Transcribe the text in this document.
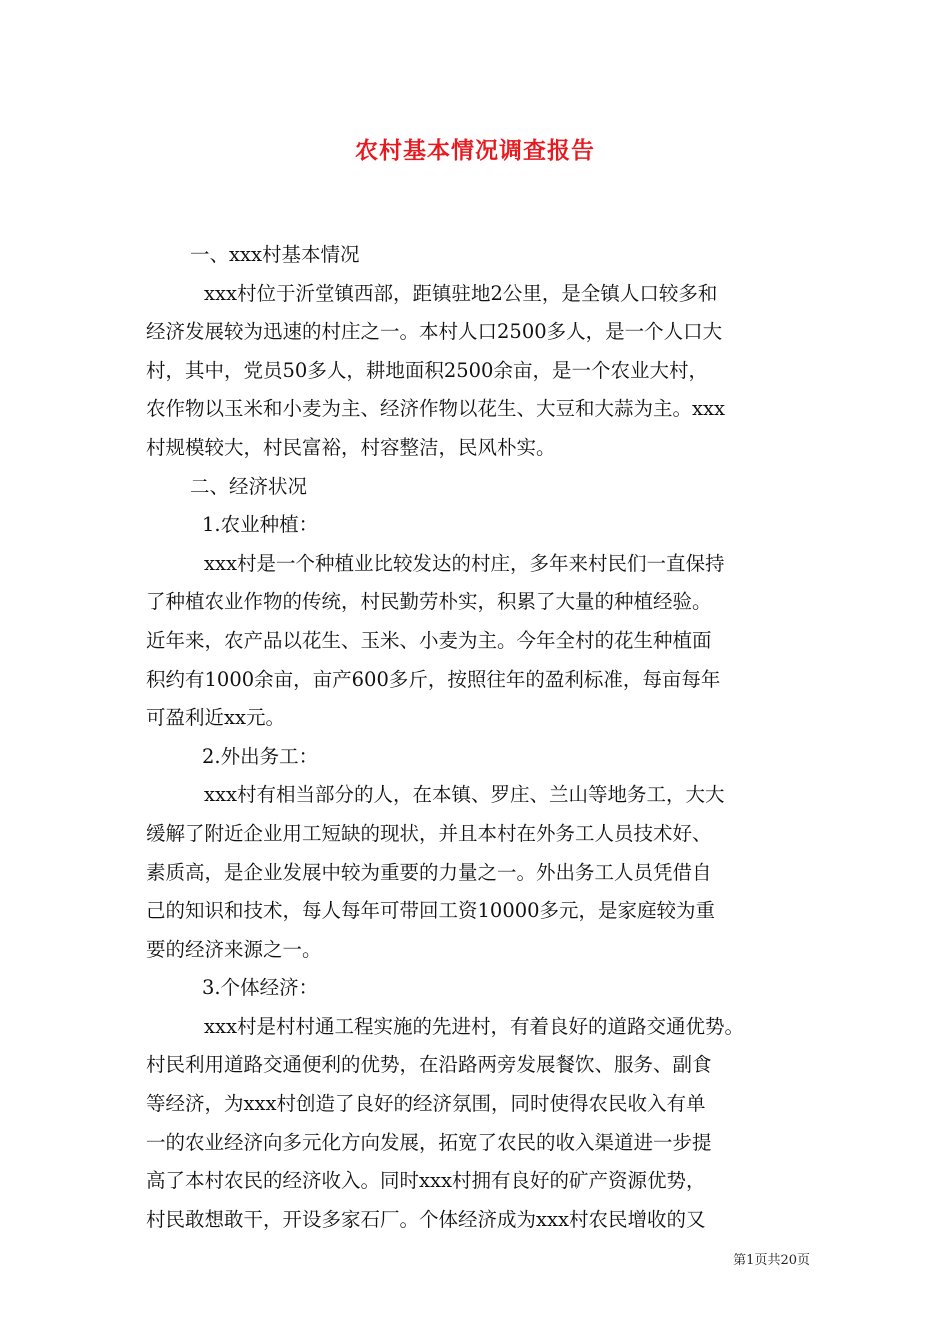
农村基本情况调查报告
一、xxx村基本情况
xxx村位于沂堂镇西部，距镇驻地2公里，是全镇人口较多和
经济发展较为迅速的村庄之一。本村人口2500多人，是一个人口大
村，其中，党员50多人，耕地面积2500余亩，是一个农业大村，
农作物以玉米和小麦为主、经济作物以花生、大豆和大蒜为主。xxx
村规模较大，村民富裕，村容整洁，民风朴实。
二、经济状况
1.农业种植：
xxx村是一个种植业比较发达的村庄，多年来村民们一直保持
了种植农业作物的传统，村民勤劳朴实，积累了大量的种植经验。
近年来，农产品以花生、玉米、小麦为主。今年全村的花生种植面
积约有1000余亩，亩产600多斤，按照往年的盈利标准，每亩每年
可盈利近xx元。
2.外出务工：
xxx村有相当部分的人，在本镇、罗庄、兰山等地务工，大大
缓解了附近企业用工短缺的现状，并且本村在外务工人员技术好、
素质高，是企业发展中较为重要的力量之一。外出务工人员凭借自
己的知识和技术，每人每年可带回工资10000多元，是家庭较为重
要的经济来源之一。
3.个体经济：
xxx村是村村通工程实施的先进村，有着良好的道路交通优势。
村民利用道路交通便利的优势，在沿路两旁发展餐饮、服务、副食
等经济，为xxx村创造了良好的经济氛围，同时使得农民收入有单
一的农业经济向多元化方向发展，拓宽了农民的收入渠道进一步提
高了本村农民的经济收入。同时xxx村拥有良好的矿产资源优势，
村民敢想敢干，开设多家石厂。个体经济成为xxx村农民增收的又
第1页共20页
